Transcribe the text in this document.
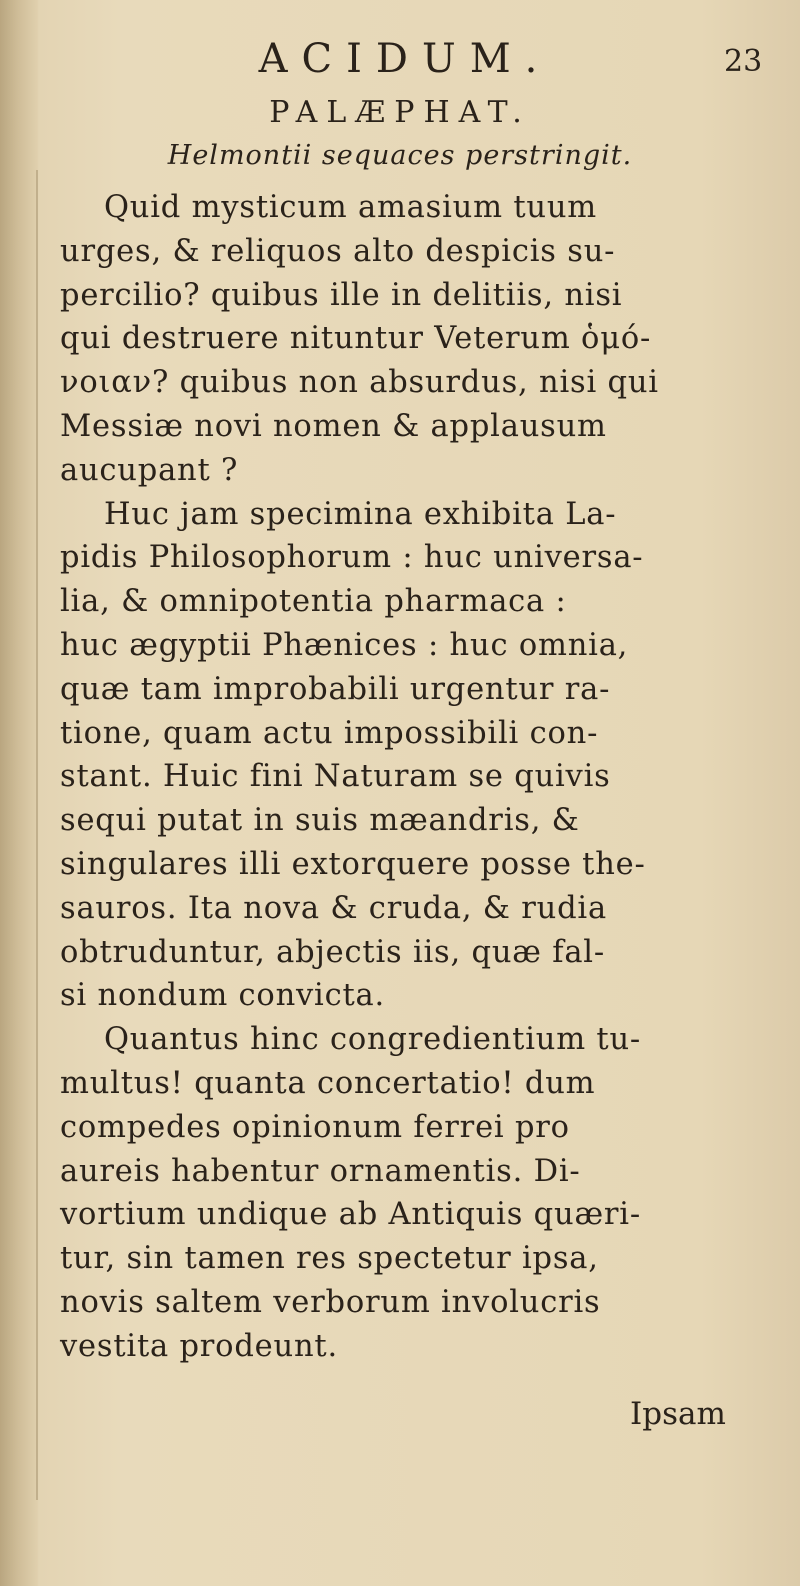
ACIDUM.	23
PALÆPHAT.
Helmontii sequaces perstringit.
Quid mysticum amasium tuum
urges, & reliquos alto despicis su-
percilio? quibus ille in delitiis, nisi
qui destruere nituntur Veterum ὁμό-
νοιαν? quibus non absurdus, nisi qui
Messiæ novi nomen & applausum
aucupant ?
Huc jam specimina exhibita La-
pidis Philosophorum : huc universa-
lia, & omnipotentia pharmaca :
huc ægyptii Phænices : huc omnia,
quæ tam improbabili urgentur ra-
tione, quam actu impossibili con-
stant. Huic fini Naturam se quivis
sequi putat in suis mæandris, &
singulares illi extorquere posse the-
sauros. Ita nova & cruda, & rudia
obtruduntur, abjectis iis, quæ fal-
si nondum convicta.
Quantus hinc congredientium tu-
multus! quanta concertatio! dum
compedes opinionum ferrei pro
aureis habentur ornamentis. Di-
vortium undique ab Antiquis quæri-
tur, sin tamen res spectetur ipsa,
novis saltem verborum involucris
vestita prodeunt.
Ipsam
